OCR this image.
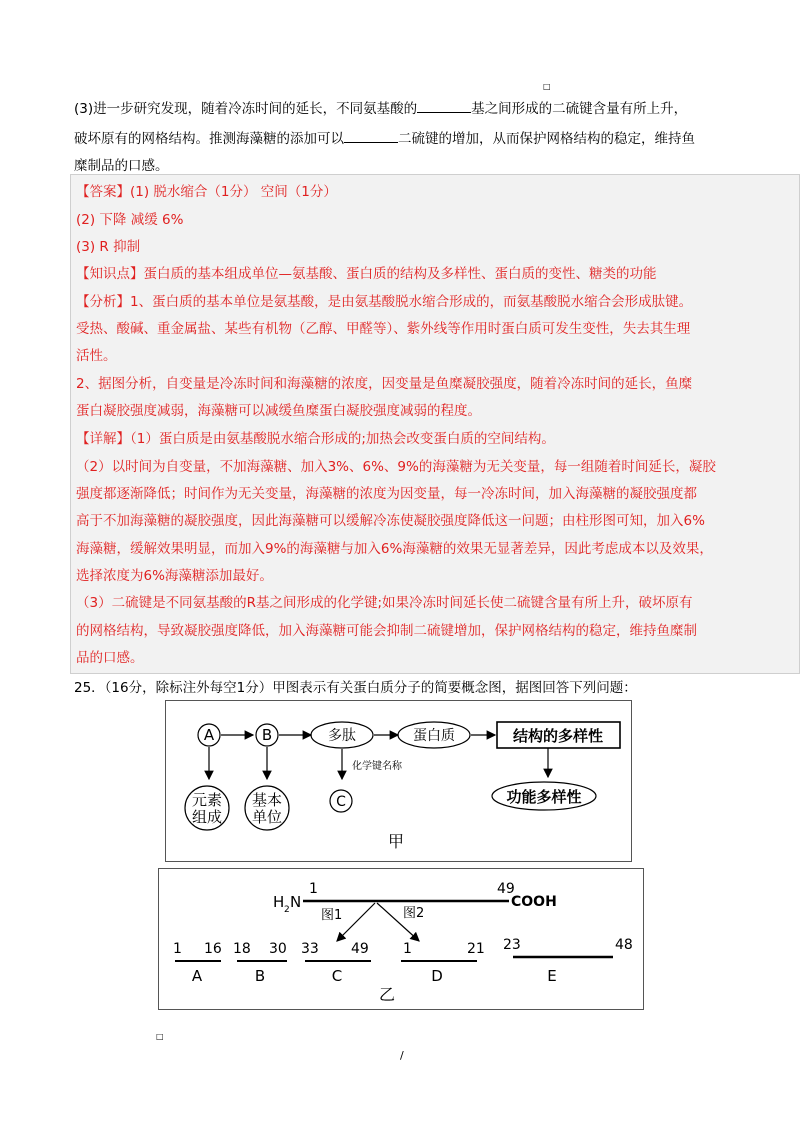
□
(3)进一步研究发现，随着冷冻时间的延长，不同氨基酸的	基之间形成的二硫键含量有所上升，
破坏原有的网格结构。推测海藻糖的添加可以	二硫键的增加，从而保护网格结构的稳定，维持鱼
糜制品的口感。
【答案】(1) 脱水缩合（1分） 空间（1分）
(2) 下降 减缓 6%
(3) R 抑制
【知识点】蛋白质的基本组成单位—氨基酸、蛋白质的结构及多样性、蛋白质的变性、糖类的功能
【分析】1、蛋白质的基本单位是氨基酸，是由氨基酸脱水缩合形成的，而氨基酸脱水缩合会形成肽键。
受热、酸碱、重金属盐、某些有机物（乙醇、甲醛等）、紫外线等作用时蛋白质可发生变性，失去其生理
活性。
2、据图分析，自变量是冷冻时间和海藻糖的浓度，因变量是鱼糜凝胶强度，随着冷冻时间的延长，鱼糜
蛋白凝胶强度减弱，海藻糖可以减缓鱼糜蛋白凝胶强度减弱的程度。
【详解】（1）蛋白质是由氨基酸脱水缩合形成的;加热会改变蛋白质的空间结构。
（2）以时间为自变量，不加海藻糖、加入3%、6%、9%的海藻糖为无关变量，每一组随着时间延长，凝胶
强度都逐渐降低；时间作为无关变量，海藻糖的浓度为因变量，每一冷冻时间，加入海藻糖的凝胶强度都
高于不加海藻糖的凝胶强度，因此海藻糖可以缓解冷冻使凝胶强度降低这一问题；由柱形图可知，加入6%
海藻糖，缓解效果明显，而加入9%的海藻糖与加入6%海藻糖的效果无显著差异，因此考虑成本以及效果，
选择浓度为6%海藻糖添加最好。
（3）二硫键是不同氨基酸的R基之间形成的化学键;如果冷冻时间延长使二硫键含量有所上升，破坏原有
的网格结构，导致凝胶强度降低，加入海藻糖可能会抑制二硫键增加，保护网格结构的稳定，维持鱼糜制
品的口感。
25．（16分，除标注外每空1分）甲图表示有关蛋白质分子的简要概念图，据图回答下列问题：
A	B	多肽	蛋白质	结构的多样性
化学键名称
元素
组成
基本
单位
C	功能多样性
甲
H 2 N
1	49
COOH
图1	图2
1 16
A
18 30
B
33 49
C
1	21
D
23	48
E
乙
□
/
